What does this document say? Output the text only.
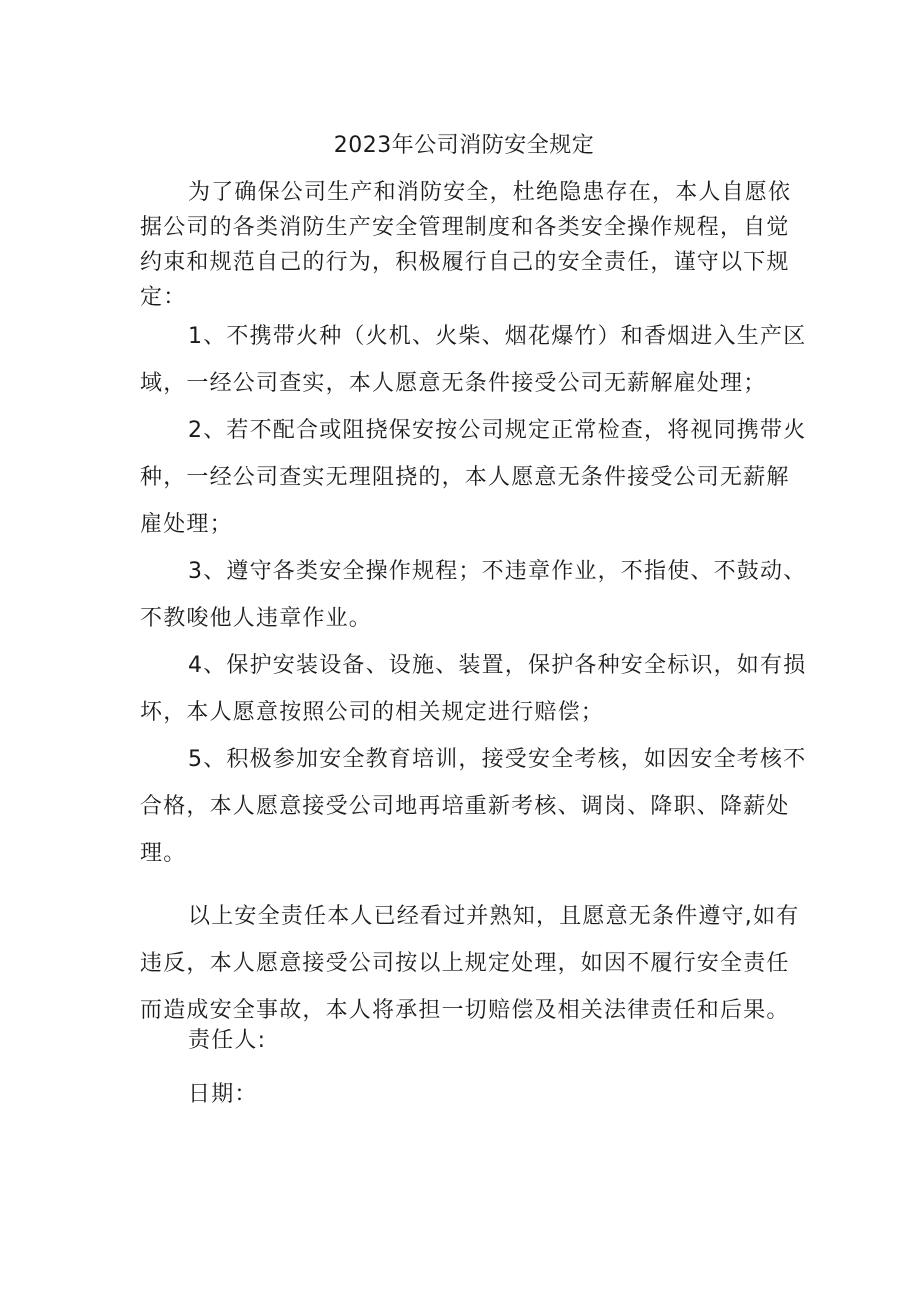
2023年公司消防安全规定

为了确保公司生产和消防安全，杜绝隐患存在，本人自愿依
据公司的各类消防生产安全管理制度和各类安全操作规程，自觉
约束和规范自己的行为，积极履行自己的安全责任，谨守以下规
定：

1、不携带火种（火机、火柴、烟花爆竹）和香烟进入生产区
域，一经公司查实，本人愿意无条件接受公司无薪解雇处理；
2、若不配合或阻挠保安按公司规定正常检查，将视同携带火
种，一经公司查实无理阻挠的，本人愿意无条件接受公司无薪解
雇处理；
3、遵守各类安全操作规程；不违章作业，不指使、不鼓动、
不教唆他人违章作业。
4、保护安装设备、设施、装置，保护各种安全标识，如有损
坏，本人愿意按照公司的相关规定进行赔偿；
5、积极参加安全教育培训，接受安全考核，如因安全考核不
合格，本人愿意接受公司地再培重新考核、调岗、降职、降薪处
理。

以上安全责任本人已经看过并熟知，且愿意无条件遵守,如有
违反，本人愿意接受公司按以上规定处理，如因不履行安全责任
而造成安全事故，本人将承担一切赔偿及相关法律责任和后果。

责任人:
日期：
